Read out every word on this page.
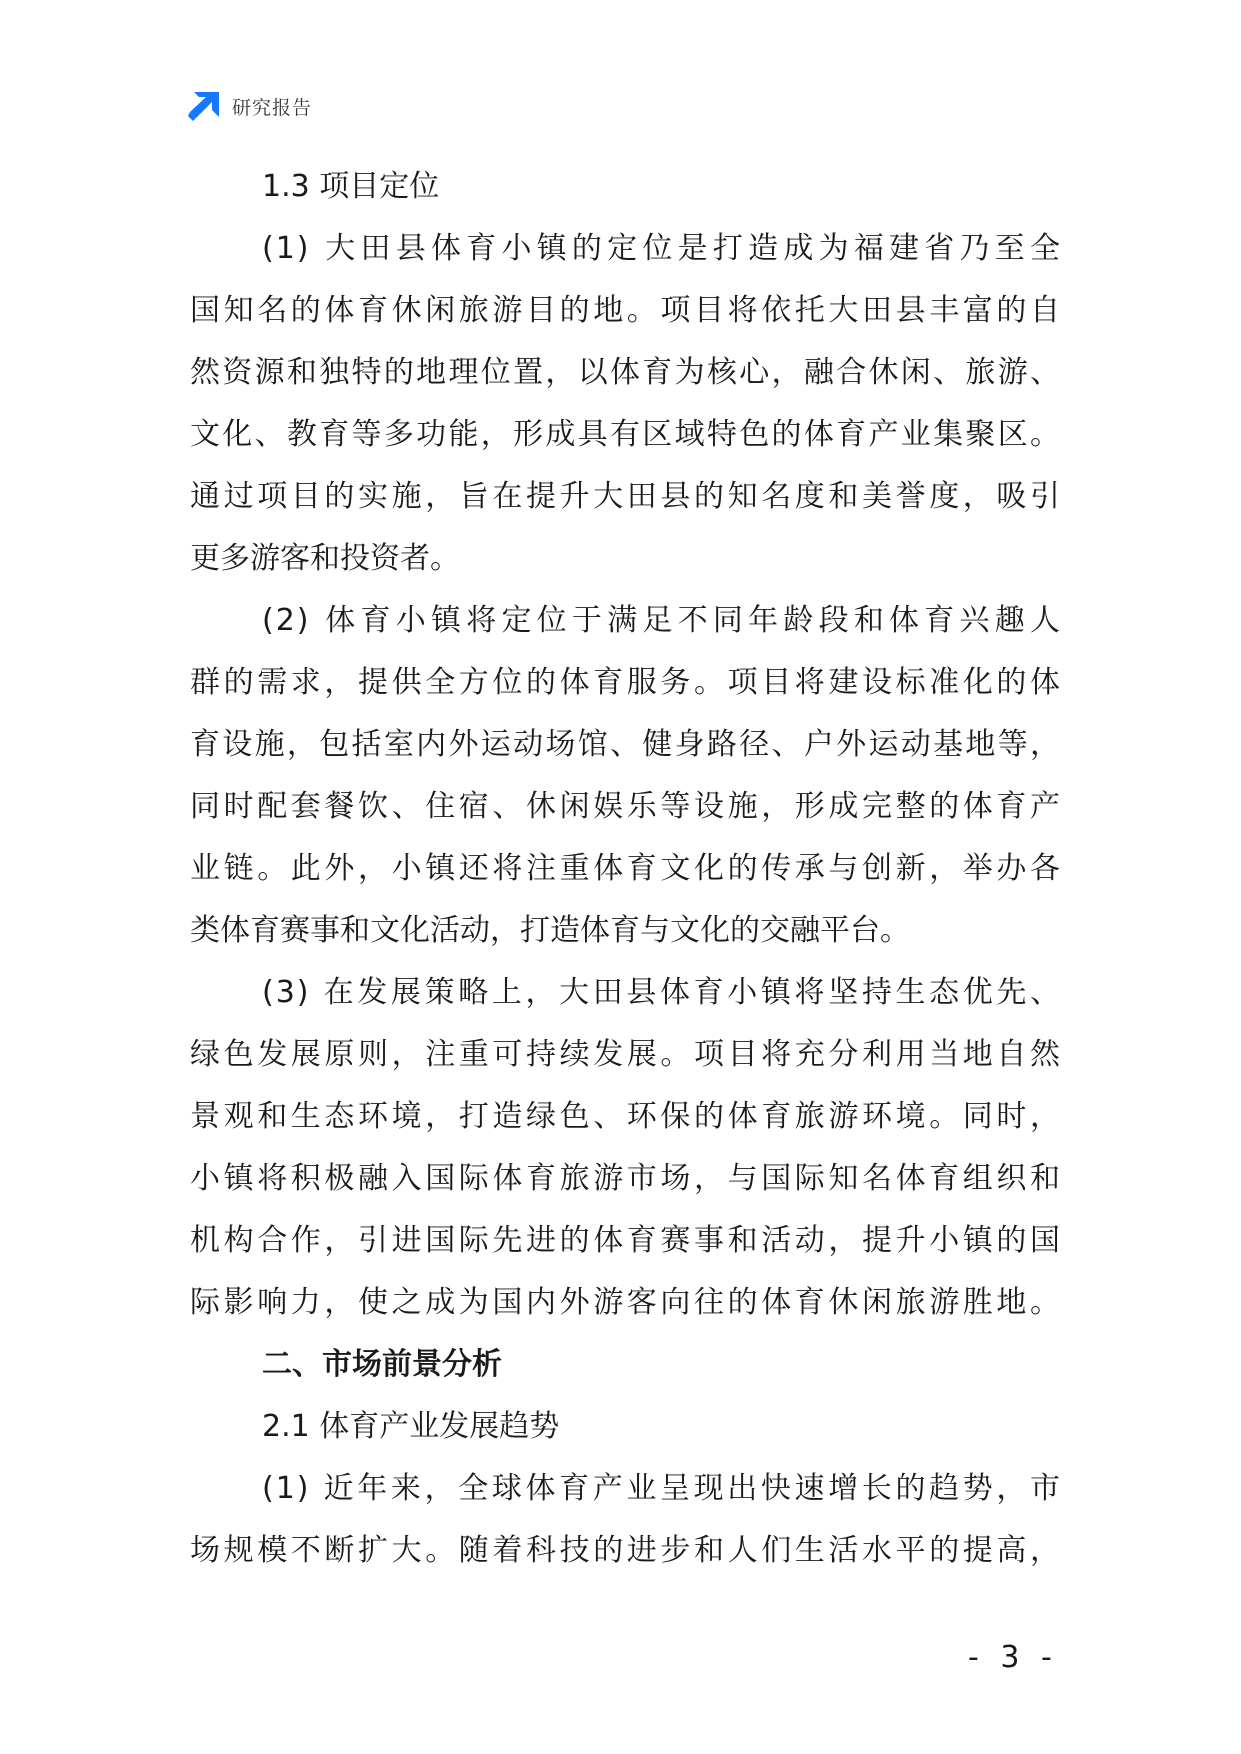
研究报告
1.3 项目定位
(1) 大田县体育小镇的定位是打造成为福建省乃至全
国知名的体育休闲旅游目的地。项目将依托大田县丰富的自
然资源和独特的地理位置，以体育为核心，融合休闲、旅游、
文化、教育等多功能，形成具有区域特色的体育产业集聚区。
通过项目的实施，旨在提升大田县的知名度和美誉度，吸引
更多游客和投资者。
(2) 体育小镇将定位于满足不同年龄段和体育兴趣人
群的需求，提供全方位的体育服务。项目将建设标准化的体
育设施，包括室内外运动场馆、健身路径、户外运动基地等，
同时配套餐饮、住宿、休闲娱乐等设施，形成完整的体育产
业链。此外，小镇还将注重体育文化的传承与创新，举办各
类体育赛事和文化活动，打造体育与文化的交融平台。
(3) 在发展策略上，大田县体育小镇将坚持生态优先、
绿色发展原则，注重可持续发展。项目将充分利用当地自然
景观和生态环境，打造绿色、环保的体育旅游环境。同时，
小镇将积极融入国际体育旅游市场，与国际知名体育组织和
机构合作，引进国际先进的体育赛事和活动，提升小镇的国
际影响力，使之成为国内外游客向往的体育休闲旅游胜地。
二、市场前景分析
2.1 体育产业发展趋势
(1) 近年来，全球体育产业呈现出快速增长的趋势，市
场规模不断扩大。随着科技的进步和人们生活水平的提高，
- 3 -
